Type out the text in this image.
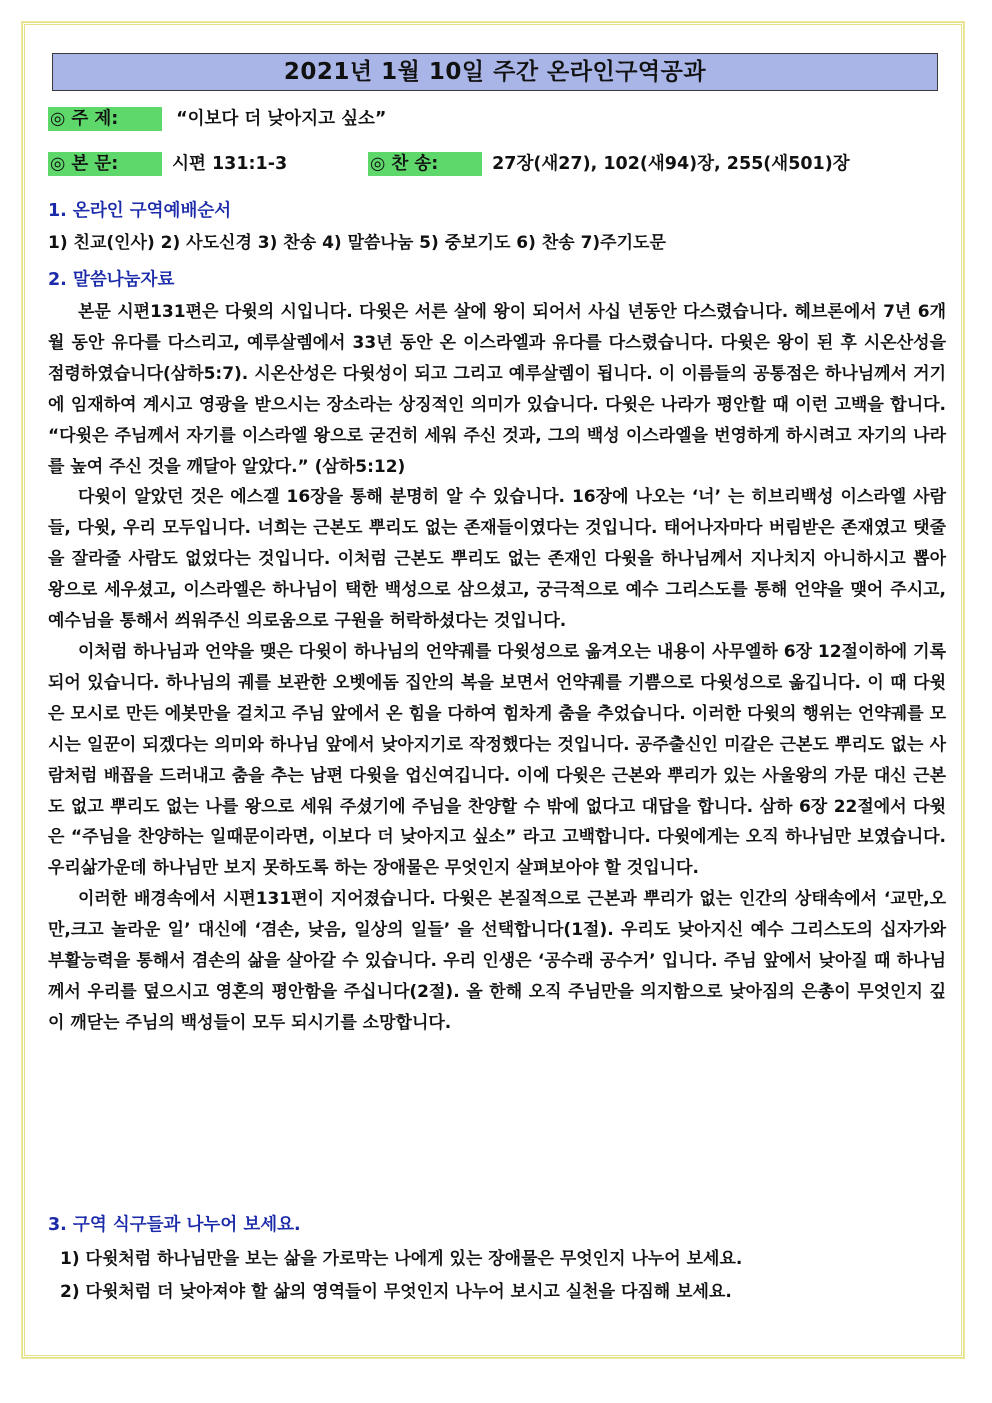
2021년 1월 10일 주간 온라인구역공과
◎ 주 제:	“이보다 더 낮아지고 싶소”
◎ 본 문:	시편 131:1-3	◎ 찬 송:	27장(새27), 102(새94)장, 255(새501)장
1. 온라인 구역예배순서
1) 친교(인사) 2) 사도신경 3) 찬송 4) 말씀나눔 5) 중보기도 6) 찬송 7)주기도문
2. 말씀나눔자료

본문 시편131편은 다윗의 시입니다. 다윗은 서른 살에 왕이 되어서 사십 년동안 다스렸습니다. 헤브론에서 7년 6개월 동안 유다를 다스리고, 예루살렘에서 33년 동안 온 이스라엘과 유다를 다스렸습니다. 다윗은 왕이 된 후 시온산성을 점령하였습니다(삼하5:7). 시온산성은 다윗성이 되고 그리고 예루살렘이 됩니다. 이 이름들의 공통점은 하나님께서 거기에 임재하여 계시고 영광을 받으시는 장소라는 상징적인 의미가 있습니다. 다윗은 나라가 평안할 때 이런 고백을 합니다. “다윗은 주님께서 자기를 이스라엘 왕으로 굳건히 세워 주신 것과, 그의 백성 이스라엘을 번영하게 하시려고 자기의 나라를 높여 주신 것을 깨달아 알았다.” (삼하5:12)

다윗이 알았던 것은 에스겔 16장을 통해 분명히 알 수 있습니다. 16장에 나오는 ‘너’ 는 히브리백성 이스라엘 사람들, 다윗, 우리 모두입니다. 너희는 근본도 뿌리도 없는 존재들이였다는 것입니다. 태어나자마다 버림받은 존재였고 탯줄을 잘라줄 사람도 없었다는 것입니다. 이처럼 근본도 뿌리도 없는 존재인 다윗을 하나님께서 지나치지 아니하시고 뽑아 왕으로 세우셨고, 이스라엘은 하나님이 택한 백성으로 삼으셨고, 궁극적으로 예수 그리스도를 통해 언약을 맺어 주시고, 예수님을 통해서 씌워주신 의로움으로 구원을 허락하셨다는 것입니다.

이처럼 하나님과 언약을 맺은 다윗이 하나님의 언약궤를 다윗성으로 옮겨오는 내용이 사무엘하 6장 12절이하에 기록되어 있습니다. 하나님의 궤를 보관한 오벳에돔 집안의 복을 보면서 언약궤를 기쁨으로 다윗성으로 옮깁니다. 이 때 다윗은 모시로 만든 에봇만을 걸치고 주님 앞에서 온 힘을 다하여 힘차게 춤을 추었습니다. 이러한 다윗의 행위는 언약궤를 모시는 일꾼이 되겠다는 의미와 하나님 앞에서 낮아지기로 작정했다는 것입니다. 공주출신인 미갈은 근본도 뿌리도 없는 사람처럼 배꼽을 드러내고 춤을 추는 남편 다윗을 업신여깁니다. 이에 다윗은 근본와 뿌리가 있는 사울왕의 가문 대신 근본도 없고 뿌리도 없는 나를 왕으로 세워 주셨기에 주님을 찬양할 수 밖에 없다고 대답을 합니다. 삼하 6장 22절에서 다윗은 “주님을 찬양하는 일때문이라면, 이보다 더 낮아지고 싶소” 라고 고백합니다. 다윗에게는 오직 하나님만 보였습니다. 우리삶가운데 하나님만 보지 못하도록 하는 장애물은 무엇인지 살펴보아야 할 것입니다.

이러한 배경속에서 시편131편이 지어졌습니다. 다윗은 본질적으로 근본과 뿌리가 없는 인간의 상태속에서 ‘교만,오만,크고 놀라운 일’ 대신에 ‘겸손, 낮음, 일상의 일들’ 을 선택합니다(1절). 우리도 낮아지신 예수 그리스도의 십자가와 부활능력을 통해서 겸손의 삶을 살아갈 수 있습니다. 우리 인생은 ‘공수래 공수거’ 입니다. 주님 앞에서 낮아질 때 하나님께서 우리를 덮으시고 영혼의 평안함을 주십니다(2절). 올 한해 오직 주님만을 의지함으로 낮아짐의 은총이 무엇인지 깊이 깨닫는 주님의 백성들이 모두 되시기를 소망합니다.

3. 구역 식구들과 나누어 보세요.
1) 다윗처럼 하나님만을 보는 삶을 가로막는 나에게 있는 장애물은 무엇인지 나누어 보세요.
2) 다윗처럼 더 낮아져야 할 삶의 영역들이 무엇인지 나누어 보시고 실천을 다짐해 보세요.
